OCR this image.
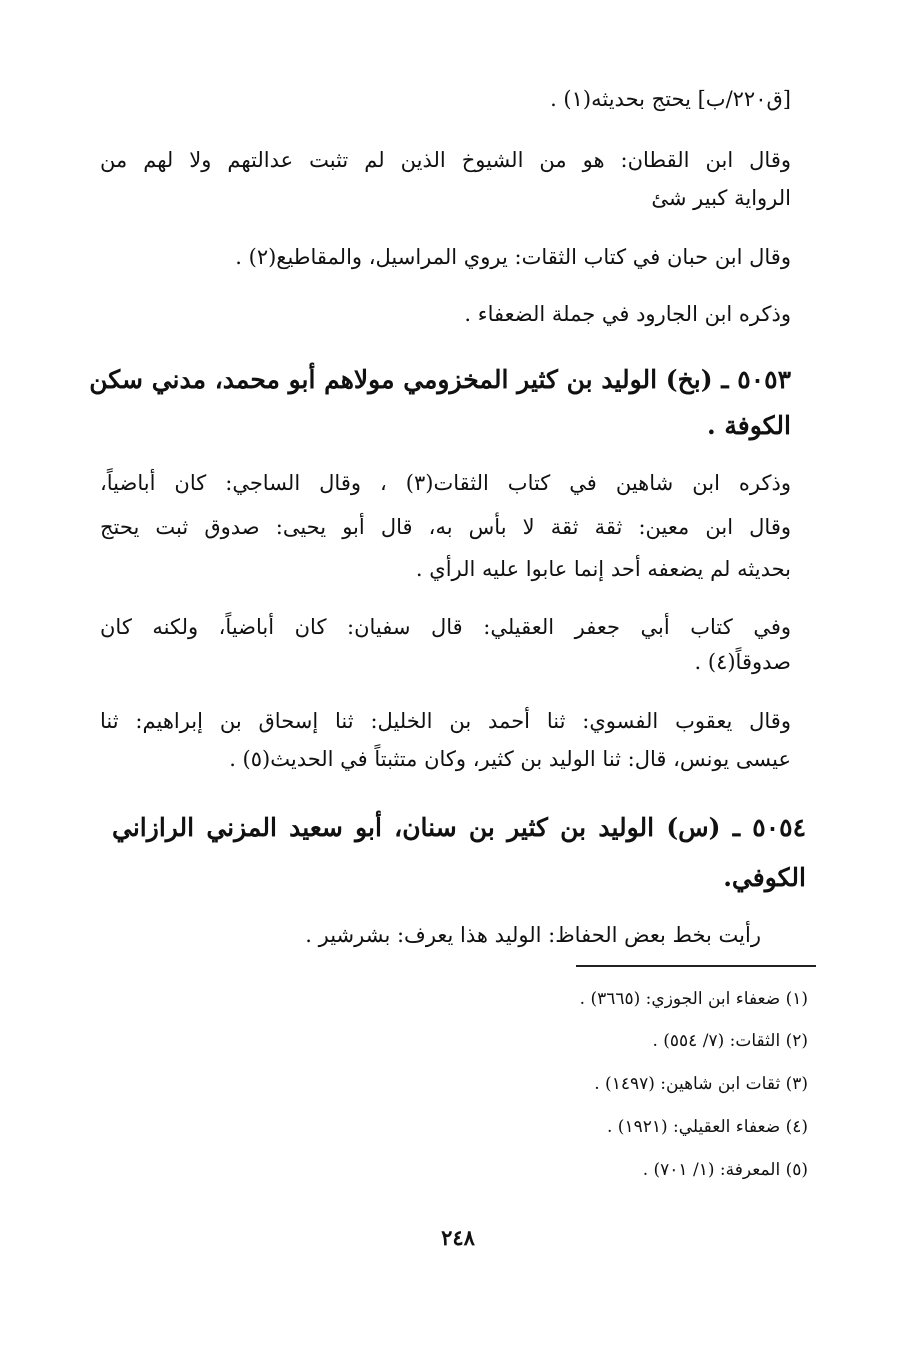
[ق٢٢٠/ب] يحتج بحديثه(١) .
وقال ابن القطان: هو من الشيوخ الذين لم تثبت عدالتهم ولا لهم من
الرواية كبير شئ
وقال ابن حبان في كتاب الثقات: يروي المراسيل، والمقاطيع(٢) .
وذكره ابن الجارود في جملة الضعفاء .
٥٠٥٣ ـ (بخ) الوليد بن كثير المخزومي مولاهم أبو محمد، مدني سكن
الكوفة .
وذكره ابن شاهين في كتاب الثقات(٣) ، وقال الساجي: كان أباضياً،
وقال ابن معين: ثقة ثقة لا بأس به، قال أبو يحيى: صدوق ثبت يحتج
بحديثه لم يضعفه أحد إنما عابوا عليه الرأي .
وفي كتاب أبي جعفر العقيلي: قال سفيان: كان أباضياً، ولكنه كان
صدوقاً(٤) .
وقال يعقوب الفسوي: ثنا أحمد بن الخليل: ثنا إسحاق بن إبراهيم: ثنا
عيسى يونس، قال: ثنا الوليد بن كثير، وكان متثبتاً في الحديث(٥) .
٥٠٥٤ ـ (س) الوليد بن كثير بن سنان، أبو سعيد المزني الرازاني
الكوفي.
رأيت بخط بعض الحفاظ: الوليد هذا يعرف: بشرشير .
(١) ضعفاء ابن الجوزي: (٣٦٦٥) .
(٢) الثقات: (٧/ ٥٥٤) .
(٣) ثقات ابن شاهين: (١٤٩٧) .
(٤) ضعفاء العقيلي: (١٩٢١) .
(٥) المعرفة: (١/ ٧٠١) .
٢٤٨
